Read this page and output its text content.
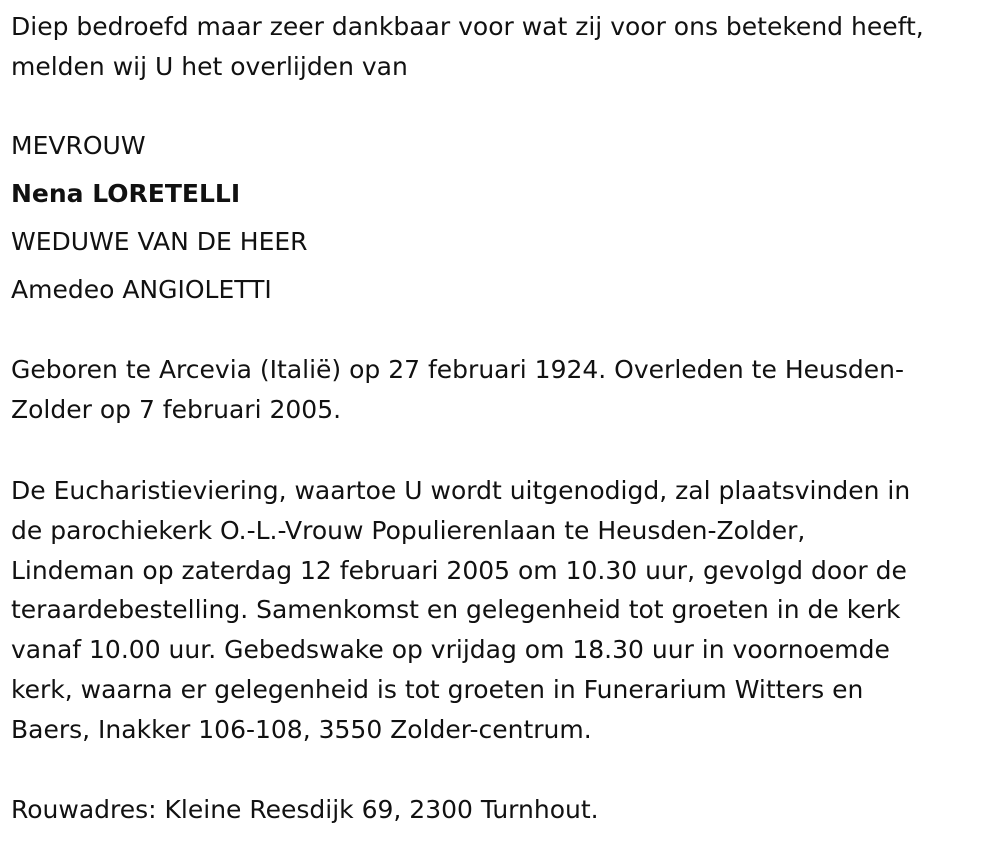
Diep bedroefd maar zeer dankbaar voor wat zij voor ons betekend heeft,
melden wij U het overlijden van
MEVROUW
Nena LORETELLI
WEDUWE VAN DE HEER
Amedeo ANGIOLETTI
Geboren te Arcevia (Italië) op 27 februari 1924. Overleden te Heusden-
Zolder op 7 februari 2005.
De Eucharistieviering, waartoe U wordt uitgenodigd, zal plaatsvinden in
de parochiekerk O.-L.-Vrouw Populierenlaan te Heusden-Zolder,
Lindeman op zaterdag 12 februari 2005 om 10.30 uur, gevolgd door de
teraardebestelling. Samenkomst en gelegenheid tot groeten in de kerk
vanaf 10.00 uur. Gebedswake op vrijdag om 18.30 uur in voornoemde
kerk, waarna er gelegenheid is tot groeten in Funerarium Witters en
Baers, Inakker 106-108, 3550 Zolder-centrum.
Rouwadres: Kleine Reesdijk 69, 2300 Turnhout.
